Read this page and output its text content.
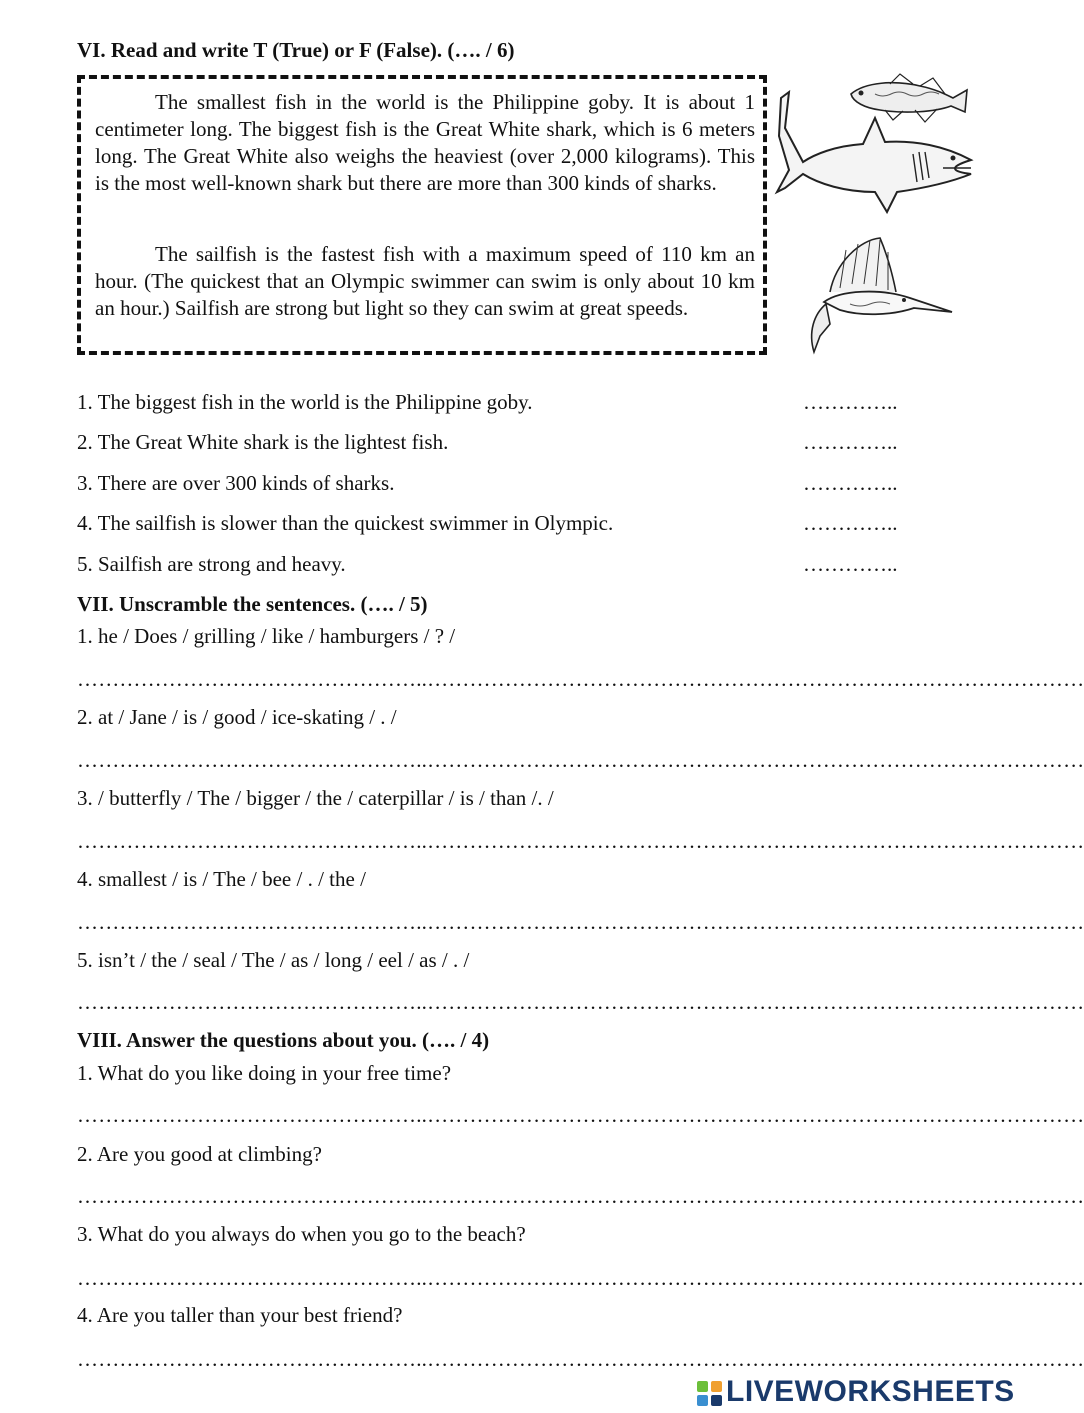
VI. Read and write T (True) or F (False). (…. / 6)
The smallest fish in the world is the Philippine goby. It is about 1 centimeter long. The biggest fish is the Great White shark, which is 6 meters long. The Great White also weighs the heaviest (over 2,000 kilograms). This is the most well-known shark but there are more than 300 kinds of sharks.
The sailfish is the fastest fish with a maximum speed of 110 km an hour. (The quickest that an Olympic swimmer can swim is only about 10 km an hour.) Sailfish are strong but light so they can swim at great speeds.
1. The biggest fish in the world is the Philippine goby.	…………..
2. The Great White shark is the lightest fish.	…………..
3. There are over 300 kinds of sharks.	…………..
4. The sailfish is slower than the quickest swimmer in Olympic.	…………..
5. Sailfish are strong and heavy.	…………..
VII. Unscramble the sentences. (…. / 5)
1. he / Does / grilling / like / hamburgers / ? /
…………………………………………..…………………………………………………………………………………
2. at / Jane / is / good / ice-skating / . /
…………………………………………..…………………………………………………………………………………
3. / butterfly / The / bigger / the / caterpillar / is / than /. /
…………………………………………..…………………………………………………………………………………
4. smallest / is / The / bee / . / the /
…………………………………………..…………………………………………………………………………………
5. isn’t / the / seal / The / as / long / eel / as / . /
…………………………………………..…………………………………………………………………………………
VIII. Answer the questions about you. (…. / 4)
1. What do you like doing in your free time?
…………………………………………..…………………………………………………………………………………
2. Are you good at climbing?
…………………………………………..…………………………………………………………………………………
3. What do you always do when you go to the beach?
…………………………………………..…………………………………………………………………………………
4. Are you taller than your best friend?
…………………………………………..…………………………………………………………………………………
LIVEWORKSHEETS
